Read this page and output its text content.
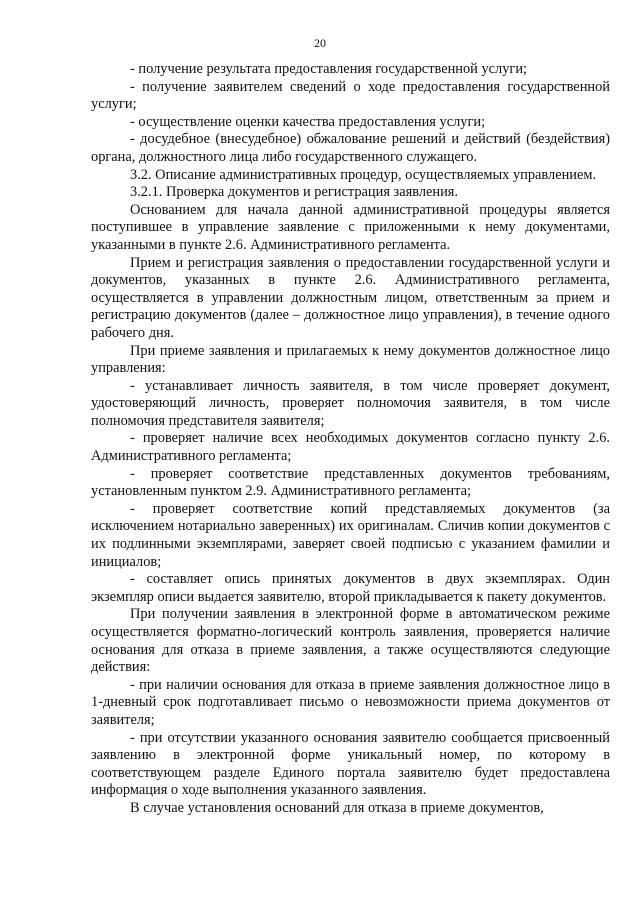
20

- получение результата предоставления государственной услуги;

- получение заявителем сведений о ходе предоставления государственной услуги;

- осуществление оценки качества предоставления услуги;

- досудебное (внесудебное) обжалование решений и действий (бездействия) органа, должностного лица либо государственного служащего.

3.2. Описание административных процедур, осуществляемых управлением.

3.2.1. Проверка документов и регистрация заявления.

Основанием для начала данной административной процедуры является поступившее в управление заявление с приложенными к нему документами, указанными в пункте 2.6. Административного регламента.

Прием и регистрация заявления о предоставлении государственной услуги и документов, указанных в пункте 2.6. Административного регламента, осуществляется в управлении должностным лицом, ответственным за прием и регистрацию документов (далее – должностное лицо управления), в течение одного рабочего дня.

При приеме заявления и прилагаемых к нему документов должностное лицо управления:

- устанавливает личность заявителя, в том числе проверяет документ, удостоверяющий личность, проверяет полномочия заявителя, в том числе полномочия представителя заявителя;

- проверяет наличие всех необходимых документов согласно пункту 2.6. Административного регламента;

- проверяет соответствие представленных документов требованиям, установленным пунктом 2.9. Административного регламента;

- проверяет соответствие копий представляемых документов (за исключением нотариально заверенных) их оригиналам. Сличив копии документов с их подлинными экземплярами, заверяет своей подписью с указанием фамилии и инициалов;

- составляет опись принятых документов в двух экземплярах. Один экземпляр описи выдается заявителю, второй прикладывается к пакету документов.

При получении заявления в электронной форме в автоматическом режиме осуществляется форматно-логический контроль заявления, проверяется наличие основания для отказа в приеме заявления, а также осуществляются следующие действия:

- при наличии основания для отказа в приеме заявления должностное лицо в 1-дневный срок подготавливает письмо о невозможности приема документов от заявителя;

- при отсутствии указанного основания заявителю сообщается присвоенный заявлению в электронной форме уникальный номер, по которому в соответствующем разделе Единого портала заявителю будет предоставлена информация о ходе выполнения указанного заявления.

В случае установления оснований для отказа в приеме документов,
